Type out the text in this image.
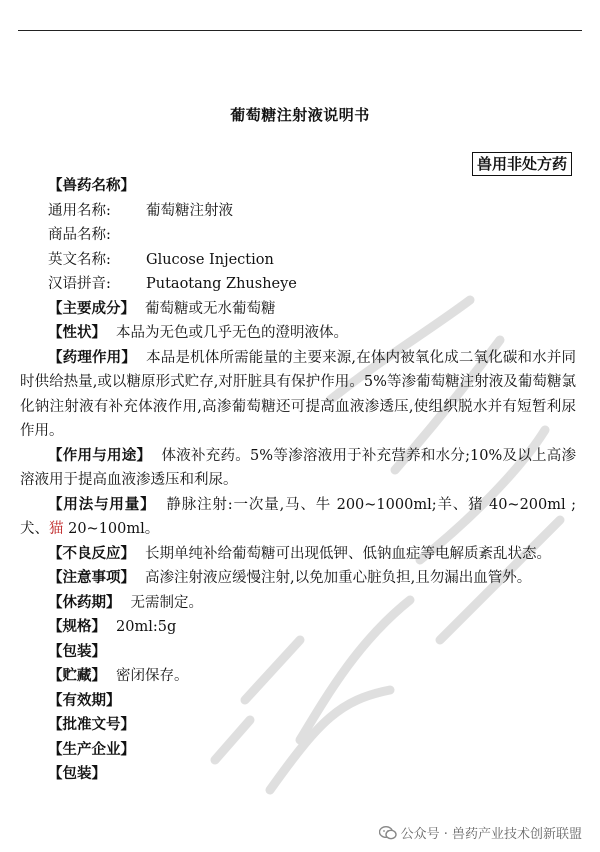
葡萄糖注射液说明书
兽用非处方药

【兽药名称】

通用名称: 葡萄糖注射液

商品名称:

英文名称: Glucose Injection

汉语拼音: Putaotang Zhusheye

【主要成分】 葡萄糖或无水葡萄糖

【性状】 本品为无色或几乎无色的澄明液体。

【药理作用】 本品是机体所需能量的主要来源,在体内被氧化成二氧化碳和水并同时供给热量,或以糖原形式贮存,对肝脏具有保护作用。5%等渗葡萄糖注射液及葡萄糖氯化钠注射液有补充体液作用,高渗葡萄糖还可提高血液渗透压,使组织脱水并有短暂利尿作用。

【作用与用途】 体液补充药。5%等渗溶液用于补充营养和水分;10%及以上高渗溶液用于提高血液渗透压和利尿。

【用法与用量】 静脉注射:一次量,马、牛 200~1000ml;羊、猪 40~200ml ;犬、猫 20~100ml。

【不良反应】 长期单纯补给葡萄糖可出现低钾、低钠血症等电解质紊乱状态。

【注意事项】 高渗注射液应缓慢注射,以免加重心脏负担,且勿漏出血管外。

【休药期】 无需制定。

【规格】 20ml:5g

【包装】

【贮藏】 密闭保存。

【有效期】

【批准文号】

【生产企业】

【包装】

公众号 · 兽药产业技术创新联盟
